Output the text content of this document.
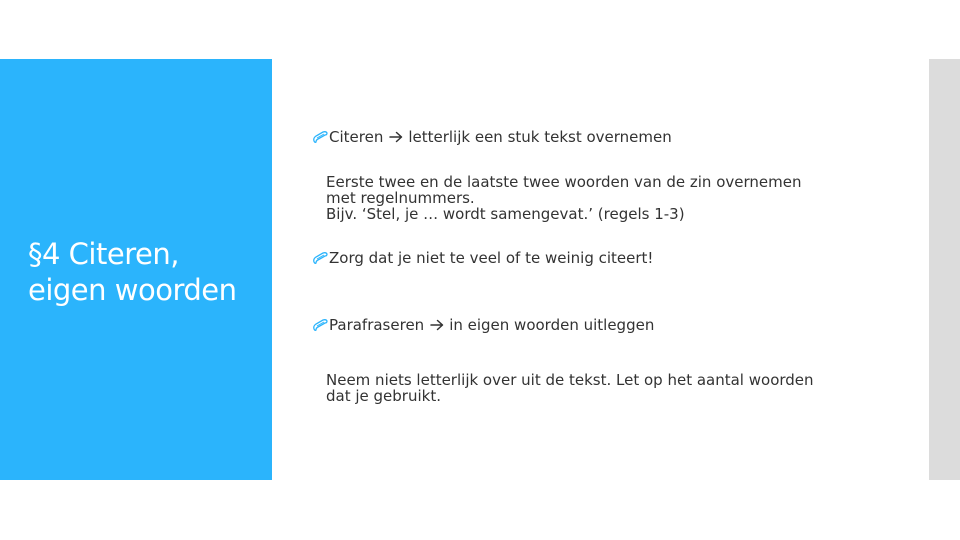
§4 Citeren,
eigen woorden
Citeren letterlijk een stuk tekst overnemen
Eerste twee en de laatste twee woorden van de zin overnemen
met regelnummers.
Bijv. ‘Stel, je … wordt samengevat.’ (regels 1-3)
Zorg dat je niet te veel of te weinig citeert!
Parafraseren in eigen woorden uitleggen
Neem niets letterlijk over uit de tekst. Let op het aantal woorden
dat je gebruikt.
